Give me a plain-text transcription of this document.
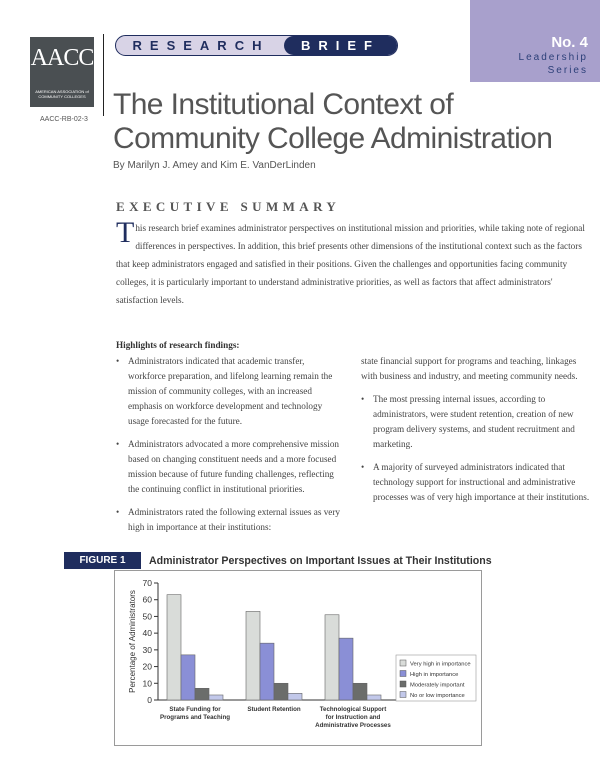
AACC
AMERICAN ASSOCIATION of COMMUNITY COLLEGES
AACC-RB-02-3
RESEARCH	BRIEF	No. 4
Leadership
Series
The Institutional Context of Community College Administration
By Marilyn J. Amey and Kim E. VanDerLinden
EXECUTIVE SUMMARY
This research brief examines administrator perspectives on institutional mission and priorities, while taking note of regional differences in perspectives. In addition, this brief presents other dimensions of the institutional context such as the factors that keep administrators engaged and satisfied in their positions. Given the challenges and opportunities facing community colleges, it is particularly important to understand administrative priorities, as well as factors that affect administrators' satisfaction levels.
Highlights of research findings:
• Administrators indicated that academic transfer, workforce preparation, and lifelong learning remain the mission of community colleges, with an increased emphasis on workforce development and technology usage forecasted for the future.
• Administrators advocated a more comprehensive mission based on changing constituent needs and a more focused mission because of future funding challenges, reflecting the continuing conflict in institutional priorities.
• Administrators rated the following external issues as very high in importance at their institutions:
state financial support for programs and teaching, linkages with business and industry, and meeting community needs.
• The most pressing internal issues, according to administrators, were student retention, creation of new program delivery systems, and student recruitment and marketing.
• A majority of surveyed administrators indicated that technology support for instructional and administrative processes was of very high importance at their institutions.
FIGURE 1	Administrator Perspectives on Important Issues at Their Institutions
0
10
20
30
40
50
60
70
Percentage of Administrators
State Funding for
Programs and Teaching
Student Retention	Technological Support
for Instruction and
Administrative Processes
Very high in importance
High in importance
Moderately important
No or low importance
